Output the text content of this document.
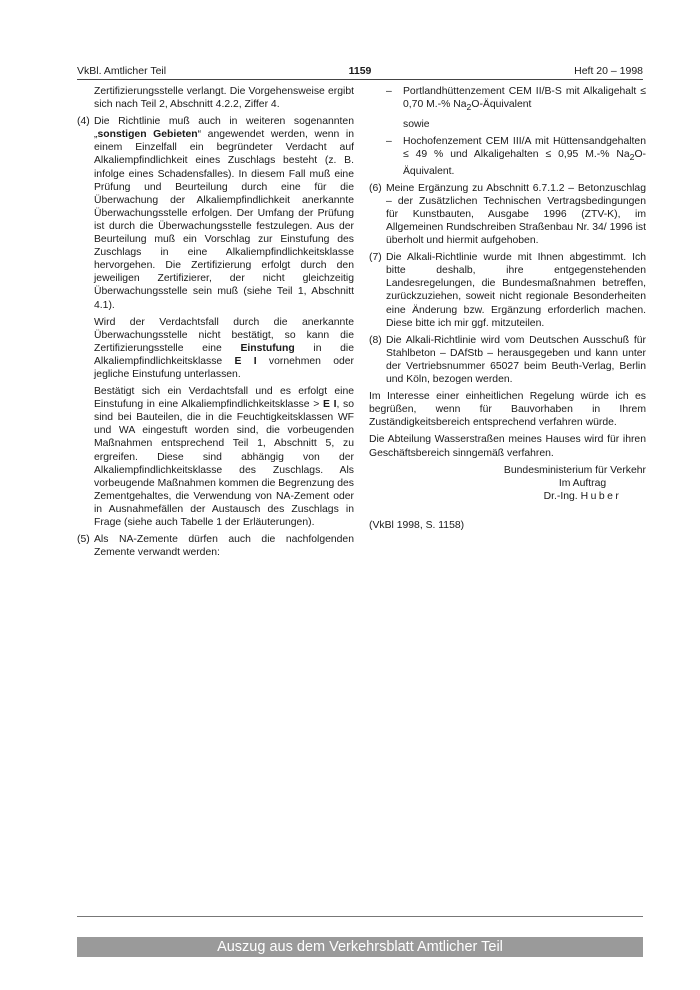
VkBl. Amtlicher Teil	1159	Heft 20 – 1998

Zertifizierungsstelle verlangt. Die Vorgehensweise ergibt sich nach Teil 2, Abschnitt 4.2.2, Ziffer 4.

(4) Die Richtlinie muß auch in weiteren sogenannten „sonstigen Gebieten“ angewendet werden, wenn in einem Einzelfall ein begründeter Verdacht auf Alkaliempfindlichkeit eines Zuschlags besteht (z. B. infolge eines Schadensfalles). In diesem Fall muß eine Prüfung und Beurteilung durch eine für die Überwachung der Alkaliempfindlichkeit anerkannte Überwachungsstelle erfolgen. Der Umfang der Prüfung ist durch die Überwachungsstelle festzulegen. Aus der Beurteilung muß ein Vorschlag zur Einstufung des Zuschlags in eine Alkaliempfindlichkeitsklasse hervorgehen. Die Zertifizierung erfolgt durch den jeweiligen Zertifizierer, der nicht gleichzeitig Überwachungsstelle sein muß (siehe Teil 1, Abschnitt 4.1).

Wird der Verdachtsfall durch die anerkannte Überwachungsstelle nicht bestätigt, so kann die Zertifizierungsstelle eine Einstufung in die Alkaliempfindlichkeitsklasse E I vornehmen oder jegliche Einstufung unterlassen.

Bestätigt sich ein Verdachtsfall und es erfolgt eine Einstufung in eine Alkaliempfindlichkeitsklasse > E I, so sind bei Bauteilen, die in die Feuchtigkeitsklassen WF und WA eingestuft worden sind, die vorbeugenden Maßnahmen entsprechend Teil 1, Abschnitt 5, zu ergreifen. Diese sind abhängig von der Alkaliempfindlichkeitsklasse des Zuschlags. Als vorbeugende Maßnahmen kommen die Begrenzung des Zementgehaltes, die Verwendung von NA-Zement oder in Ausnahmefällen der Austausch des Zuschlags in Frage (siehe auch Tabelle 1 der Erläuterungen).

(5) Als NA-Zemente dürfen auch die nachfolgenden Zemente verwandt werden:
– Portlandhüttenzement CEM II/B-S mit Alkaligehalt ≤ 0,70 M.-% $Na_2O$-Äquivalent

sowie

– Hochofenzement CEM III/A mit Hüttensandgehalten ≤ 49 % und Alkaligehalten ≤ 0,95 M.-% $Na_2O$-Äquivalent.
(6) Meine Ergänzung zu Abschnitt 6.7.1.2 – Betonzuschlag – der Zusätzlichen Technischen Vertragsbedingungen für Kunstbauten, Ausgabe 1996 (ZTV-K), im Allgemeinen Rundschreiben Straßenbau Nr. 34/ 1996 ist überholt und hiermit aufgehoben.
(7) Die Alkali-Richtlinie wurde mit Ihnen abgestimmt. Ich bitte deshalb, ihre entgegenstehenden Landesregelungen, die Bundesmaßnahmen betreffen, zurückzuziehen, soweit nicht regionale Besonderheiten eine Änderung bzw. Ergänzung erforderlich machen. Diese bitte ich mir ggf. mitzuteilen.
(8) Die Alkali-Richtlinie wird vom Deutschen Ausschuß für Stahlbeton – DAfStb – herausgegeben und kann unter der Vertriebsnummer 65027 beim Beuth-Verlag, Berlin und Köln, bezogen werden.

Im Interesse einer einheitlichen Regelung würde ich es begrüßen, wenn für Bauvorhaben in Ihrem Zuständigkeitsbereich entsprechend verfahren würde.

Die Abteilung Wasserstraßen meines Hauses wird für ihren Geschäftsbereich sinngemäß verfahren.

Bundesministerium für Verkehr
Im Auftrag
Dr.-Ing. Huber
(VkBl 1998, S. 1158)
Auszug aus dem Verkehrsblatt Amtlicher Teil
